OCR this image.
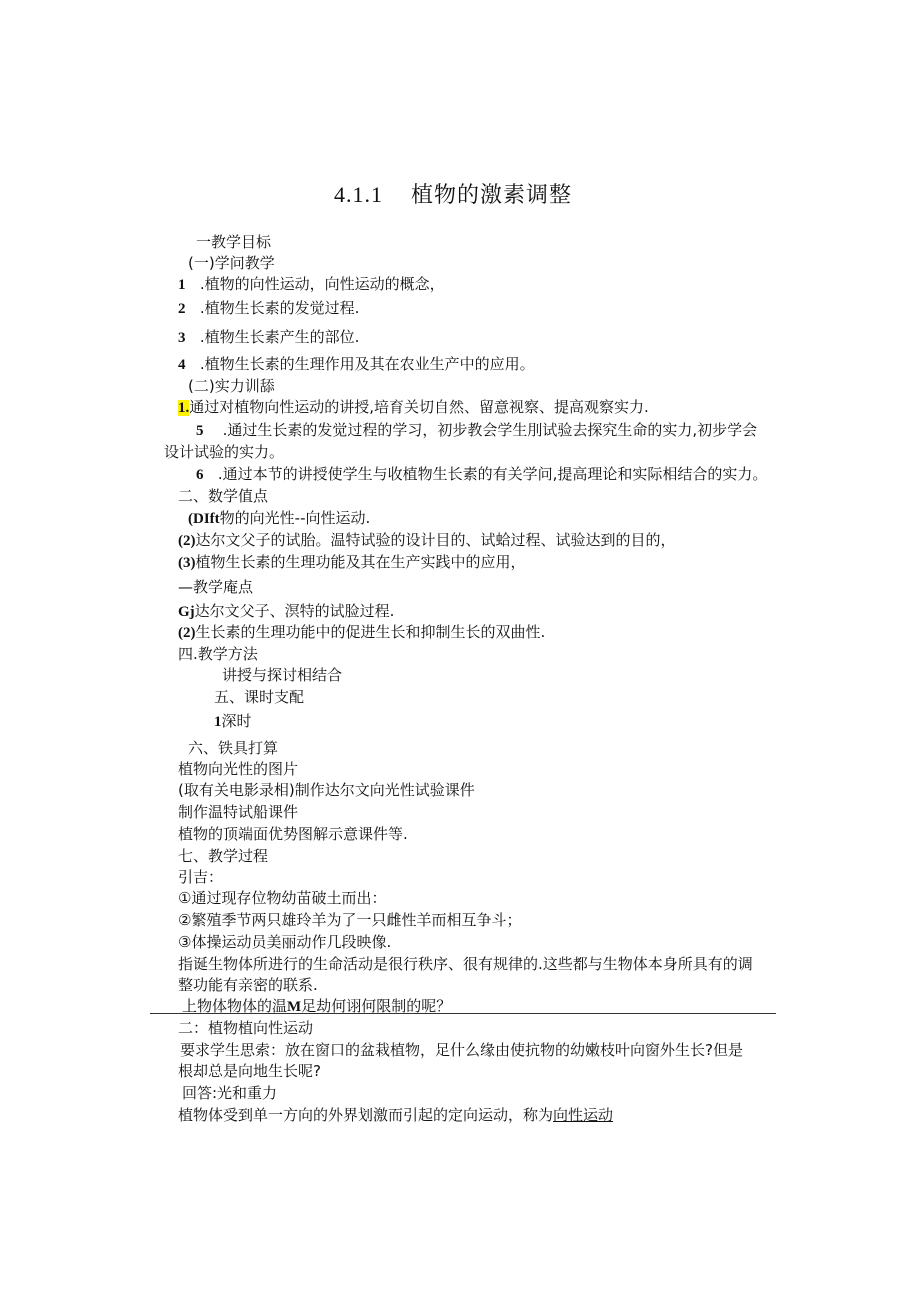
4.1.1 植物的激素调整
一教学目标
(一)学问教学
1 .植物的向性运动，向性运动的概念，
2 .植物生长素的发觉过程.
3 .植物生长素产生的部位.
4 .植物生长素的生理作用及其在农业生产中的应用。
(二)实力训舔
1.通过对植物向性运动的讲授,培育关切自然、留意视察、提高观察实力.
5 .通过生长素的发觉过程的学习，初步教会学生刖试验去探究生命的实力,初步学会
设计试验的实力。
6 .通过本节的讲授使学生与收植物生长素的有关学问,提高理论和实际相结合的实力。
二、数学值点
(DIft物的向光性--向性运动.
(2)达尔文父子的试胎。温特试验的设计目的、试蛤过程、试验达到的目的，
(3)植物生长素的生理功能及其在生产实践中的应用，
—教学庵点
Gj达尔文父子、溟特的试脸过程.
(2)生长素的生理功能中的促进生长和抑制生长的双曲性.
四.教学方法
讲授与探讨相结合
五、课时支配
1深时
六、铁具打算
植物向光性的图片
(取有关电影录相)制作达尔文向光性试验课件
制作温特试船课件
植物的顶端面优势图解示意课件等.
七、教学过程
引吉：
①通过现存位物幼苗破土而出：
②繁殖季节两只雄玲羊为了一只雌性羊而相互争斗；
③体操运动员美丽动作几段映像.
指诞生物体所进行的生命活动是很行秩序、很有规律的.这些都与生物体本身所具有的调
整功能有亲密的联系.
上物体物体的温M足劫何诩何限制的呢？
二：植物植向性运动
要求学生思索：放在窗口的盆栽植物，足什么缘由使抗物的幼嫩枝叶向窗外生长?但是
根却总是向地生长呢?
回答:光和重力
植物体受到单一方向的外界划激而引起的定向运动，称为向性运动
